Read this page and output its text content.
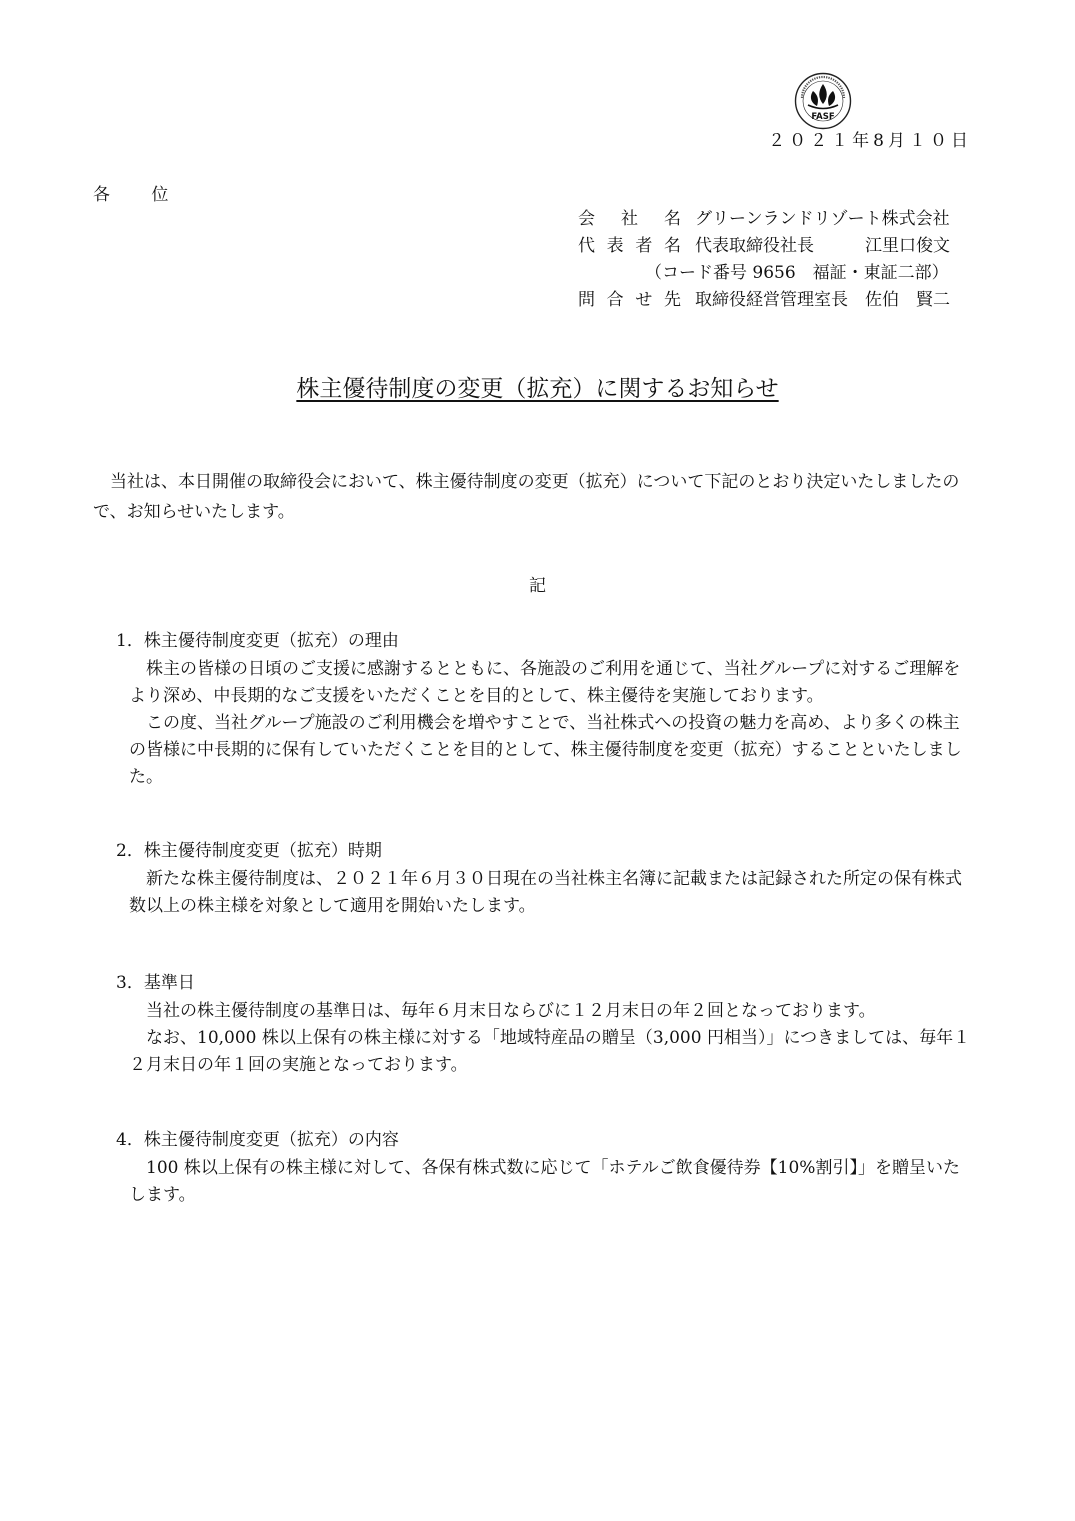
FASF
２０２１年8月１０日
各 位
会社名 グリーンランドリゾート株式会社
代表者名 代表取締役社長　　　江里口俊文
（コード番号 9656　福証・東証二部）
問合せ先 取締役経営管理室長　佐伯　賢二
株主優待制度の変更（拡充）に関するお知らせ
当社は、本日開催の取締役会において、株主優待制度の変更（拡充）について下記のとおり決定いたしましたので、お知らせいたします。
記
1．株主優待制度変更（拡充）の理由
株主の皆様の日頃のご支援に感謝するとともに、各施設のご利用を通じて、当社グループに対するご理解をより深め、中長期的なご支援をいただくことを目的として、株主優待を実施しております。
この度、当社グループ施設のご利用機会を増やすことで、当社株式への投資の魅力を高め、より多くの株主の皆様に中長期的に保有していただくことを目的として、株主優待制度を変更（拡充）することといたしました。
2．株主優待制度変更（拡充）時期
新たな株主優待制度は、２０２１年６月３０日現在の当社株主名簿に記載または記録された所定の保有株式数以上の株主様を対象として適用を開始いたします。
3．基準日
当社の株主優待制度の基準日は、毎年６月末日ならびに１２月末日の年２回となっております。
なお、10,000 株以上保有の株主様に対する「地域特産品の贈呈（3,000 円相当）」につきましては、毎年１２月末日の年１回の実施となっております。
4．株主優待制度変更（拡充）の内容
100 株以上保有の株主様に対して、各保有株式数に応じて「ホテルご飲食優待券【10%割引】」を贈呈いたします。
